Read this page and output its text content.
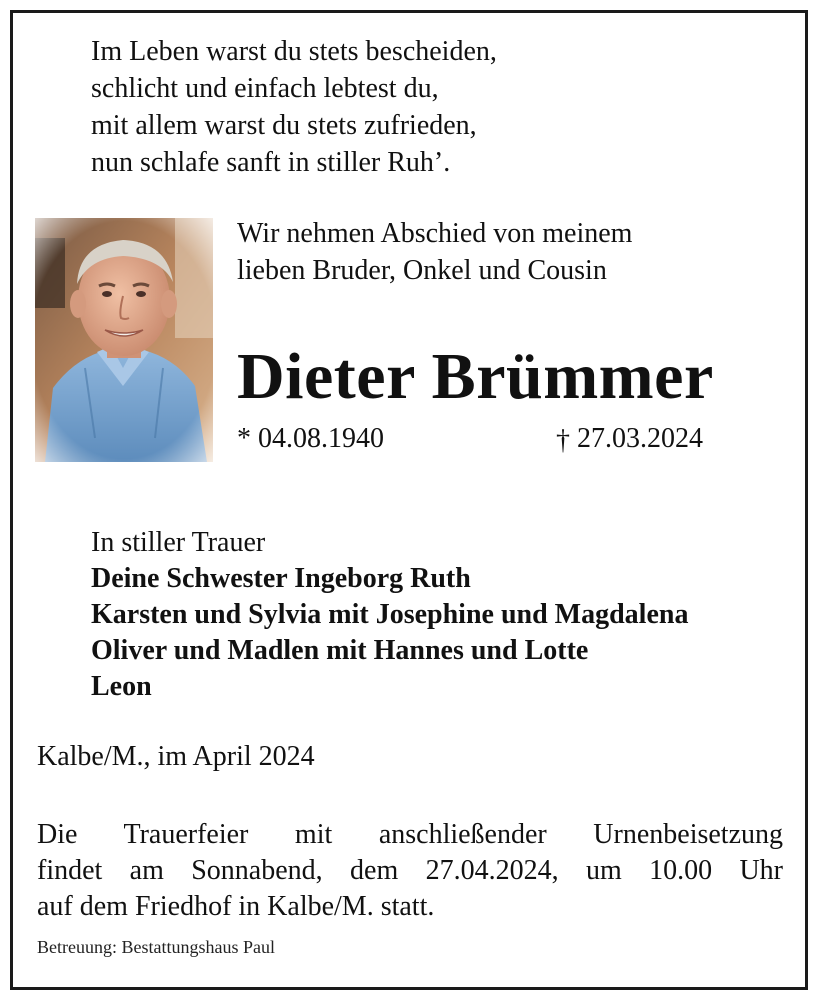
Im Leben warst du stets bescheiden,
schlicht und einfach lebtest du,
mit allem warst du stets zufrieden,
nun schlafe sanft in stiller Ruh’.
Wir nehmen Abschied von meinem
lieben Bruder, Onkel und Cousin
Dieter Brümmer
* 04.08.1940	† 27.03.2024
In stiller Trauer
Deine Schwester Ingeborg Ruth
Karsten und Sylvia mit Josephine und Magdalena
Oliver und Madlen mit Hannes und Lotte
Leon
Kalbe/M., im April 2024
Die Trauerfeier mit anschließender Urnenbeisetzung
findet am Sonnabend, dem 27.04.2024, um 10.00 Uhr
auf dem Friedhof in Kalbe/M. statt.
Betreuung: Bestattungshaus Paul
